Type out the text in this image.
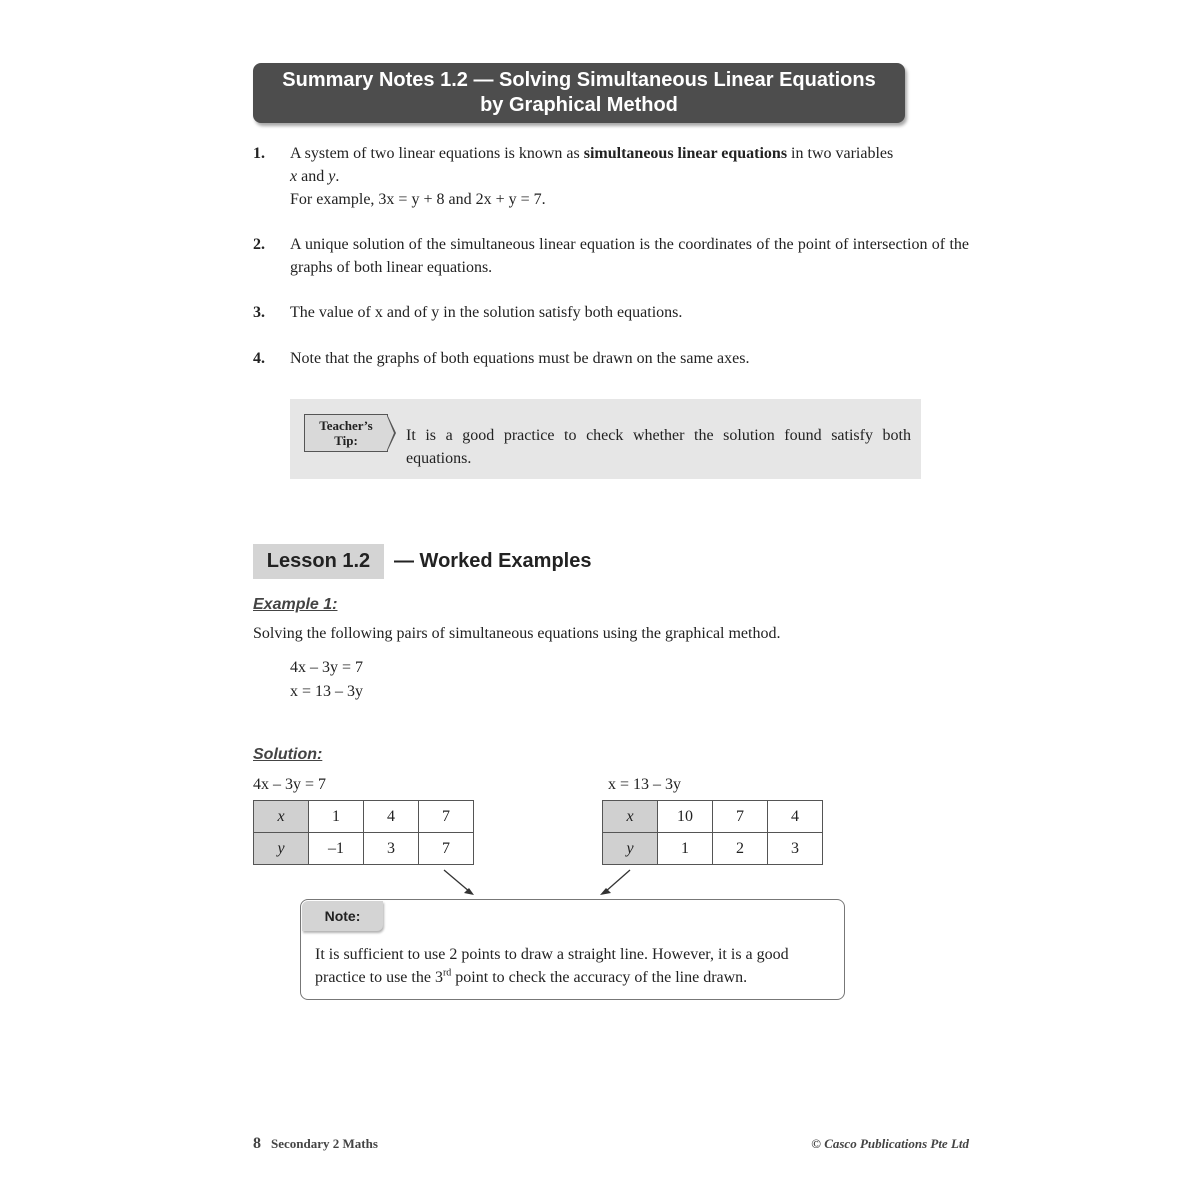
Summary Notes 1.2 — Solving Simultaneous Linear Equations
by Graphical Method
1. A system of two linear equations is known as simultaneous linear equations in two variables
x and y.
For example, 3x = y + 8 and 2x + y = 7.
2. A unique solution of the simultaneous linear equation is the coordinates of the point of intersection of the graphs of both linear equations.
3. The value of x and of y in the solution satisfy both equations.
4. Note that the graphs of both equations must be drawn on the same axes.
Teacher’s
Tip:	It is a good practice to check whether the solution found satisfy both equations.
Lesson 1.2	— Worked Examples
Example 1:
Solving the following pairs of simultaneous equations using the graphical method.
4x – 3y = 7
x = 13 – 3y
Solution:
4x – 3y = 7	x = 13 – 3y
x	1	4	7
y	–1	3	7
x	10	7	4
y	1	2	3
Note:
It is sufficient to use 2 points to draw a straight line. However, it is a good practice to use the 3rd point to check the accuracy of the line drawn.
8 Secondary 2 Maths	© Casco Publications Pte Ltd
